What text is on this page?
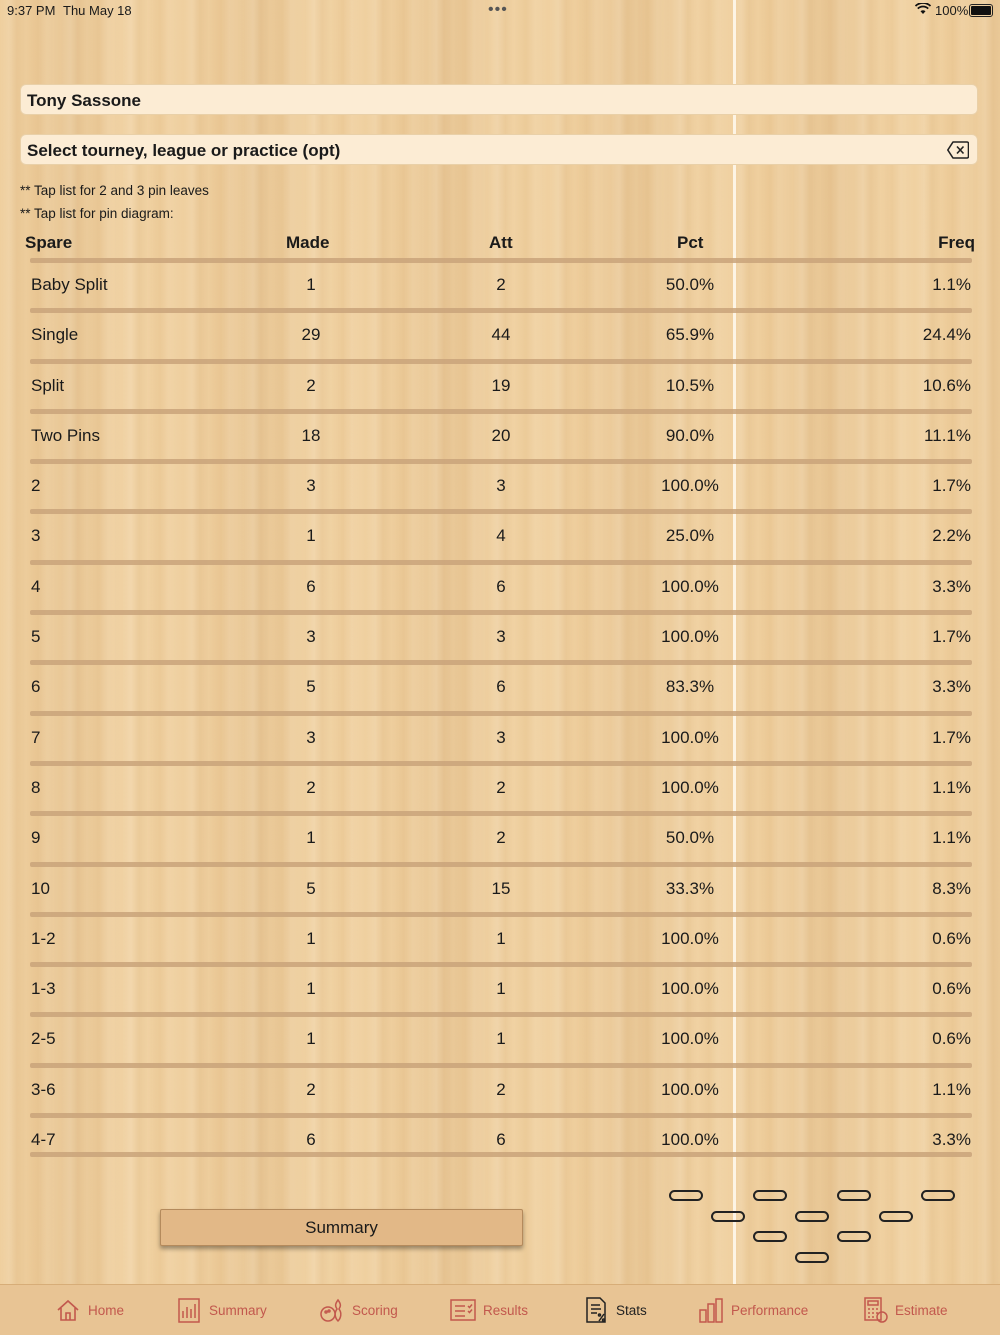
9:37 PM Thu May 18	•••	100%
Tony Sassone
Select tourney, league or practice (opt)
** Tap list for 2 and 3 pin leaves
** Tap list for pin diagram:
Spare	Made	Att	Pct	Freq
Baby Split	1	2	50.0%	1.1%
Single	29	44	65.9%	24.4%
Split	2	19	10.5%	10.6%
Two Pins	18	20	90.0%	11.1%
2	3	3	100.0%	1.7%
3	1	4	25.0%	2.2%
4	6	6	100.0%	3.3%
5	3	3	100.0%	1.7%
6	5	6	83.3%	3.3%
7	3	3	100.0%	1.7%
8	2	2	100.0%	1.1%
9	1	2	50.0%	1.1%
10	5	15	33.3%	8.3%
1-2	1	1	100.0%	0.6%
1-3	1	1	100.0%	0.6%
2-5	1	1	100.0%	0.6%
3-6	2	2	100.0%	1.1%
4-7	6	6	100.0%	3.3%
Summary
Home	Summary	Scoring	Results	Stats	Performance	Estimate
